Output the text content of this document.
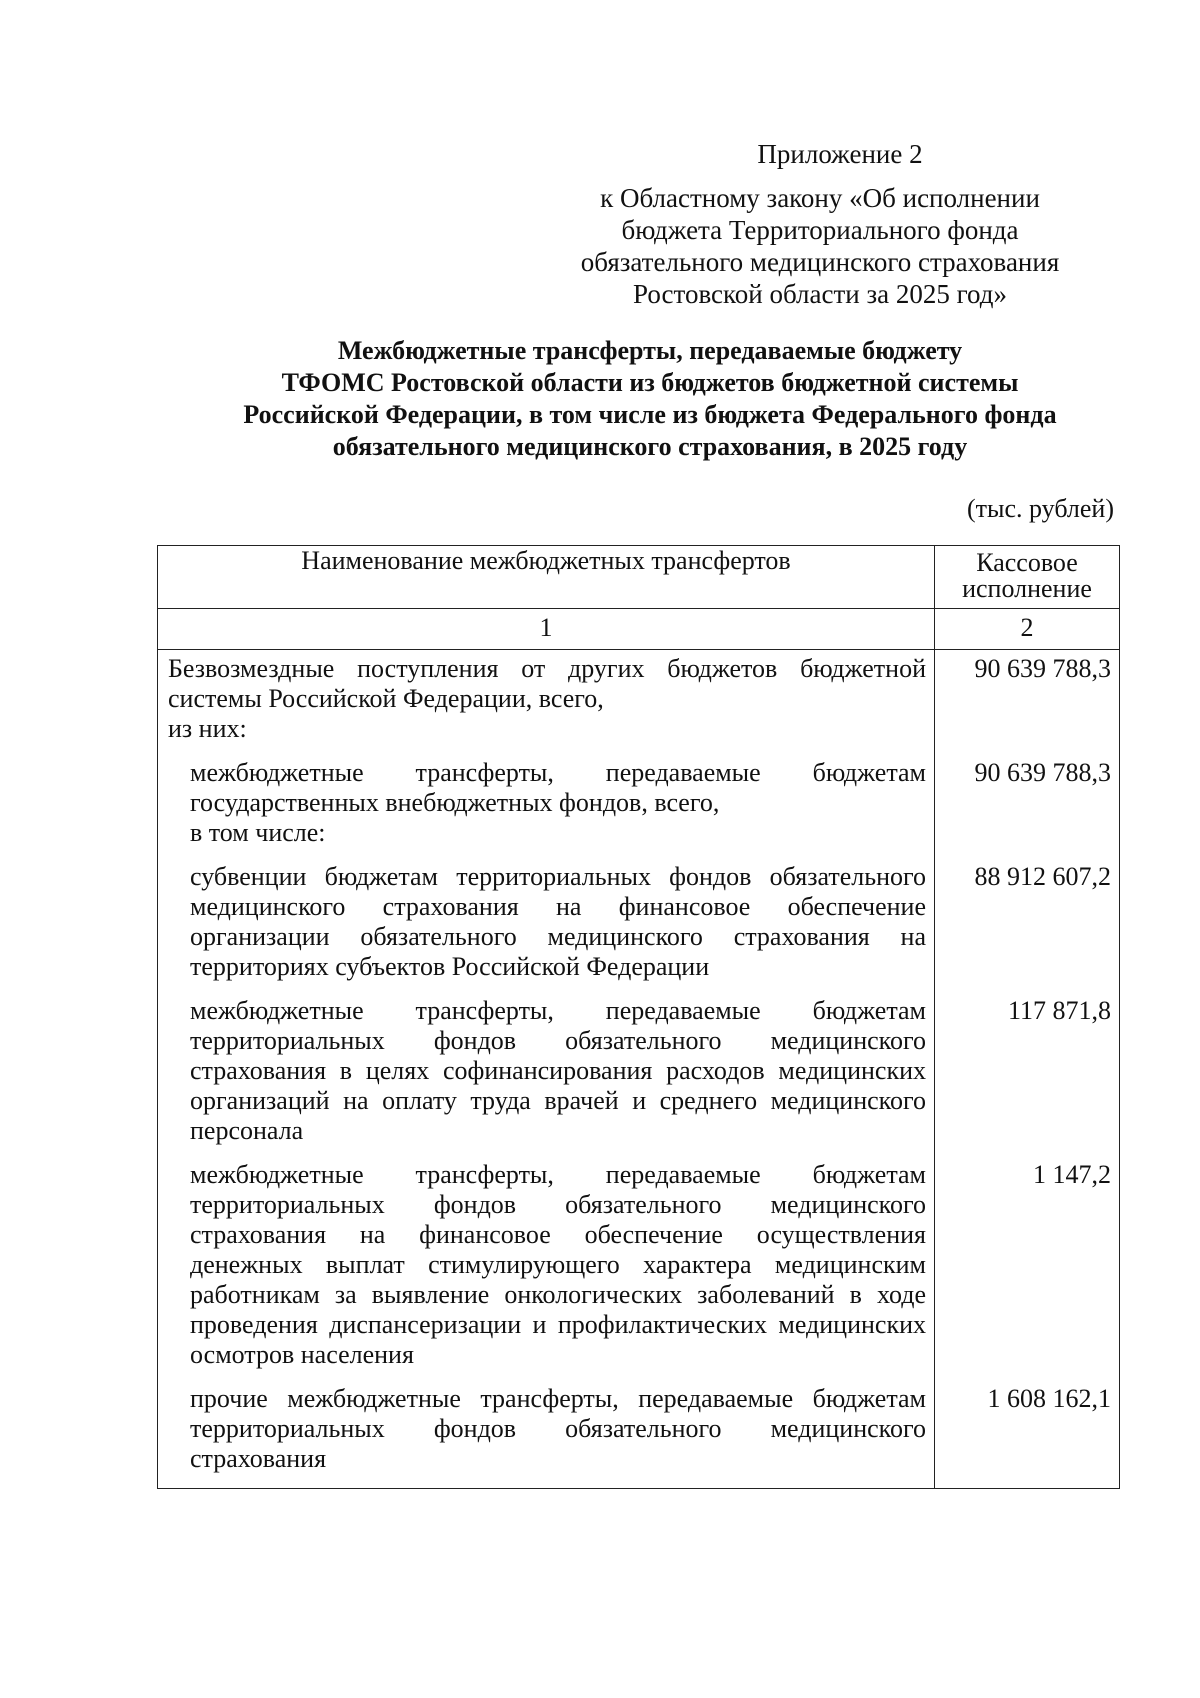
Приложение 2
к Областному закону «Об исполнении
бюджета Территориального фонда
обязательного медицинского страхования
Ростовской области за 2025 год»
Межбюджетные трансферты, передаваемые бюджету
ТФОМС Ростовской области из бюджетов бюджетной системы
Российской Федерации, в том числе из бюджета Федерального фонда
обязательного медицинского страхования, в 2025 году
(тыс. рублей)
Наименование межбюджетных трансфертов	Кассовое
исполнение

1	2
Безвозмездные поступления от других бюджетов бюджетной системы Российской Федерации, всего,
из них:	90 639 788,3
межбюджетные трансферты, передаваемые бюджетам государственных внебюджетных фондов, всего,
в том числе:	90 639 788,3
субвенции бюджетам территориальных фондов обязательного медицинского страхования на финансовое обеспечение организации обязательного медицинского страхования на территориях субъектов Российской Федерации	88 912 607,2
межбюджетные трансферты, передаваемые бюджетам территориальных фондов обязательного медицинского страхования в целях софинансирования расходов медицинских организаций на оплату труда врачей и среднего медицинского персонала	117 871,8
межбюджетные трансферты, передаваемые бюджетам территориальных фондов обязательного медицинского страхования на финансовое обеспечение осуществления денежных выплат стимулирующего характера медицинским работникам за выявление онкологических заболеваний в ходе проведения диспансеризации и профилактических медицинских осмотров населения	1 147,2
прочие межбюджетные трансферты, передаваемые бюджетам территориальных фондов обязательного медицинского страхования	1 608 162,1
